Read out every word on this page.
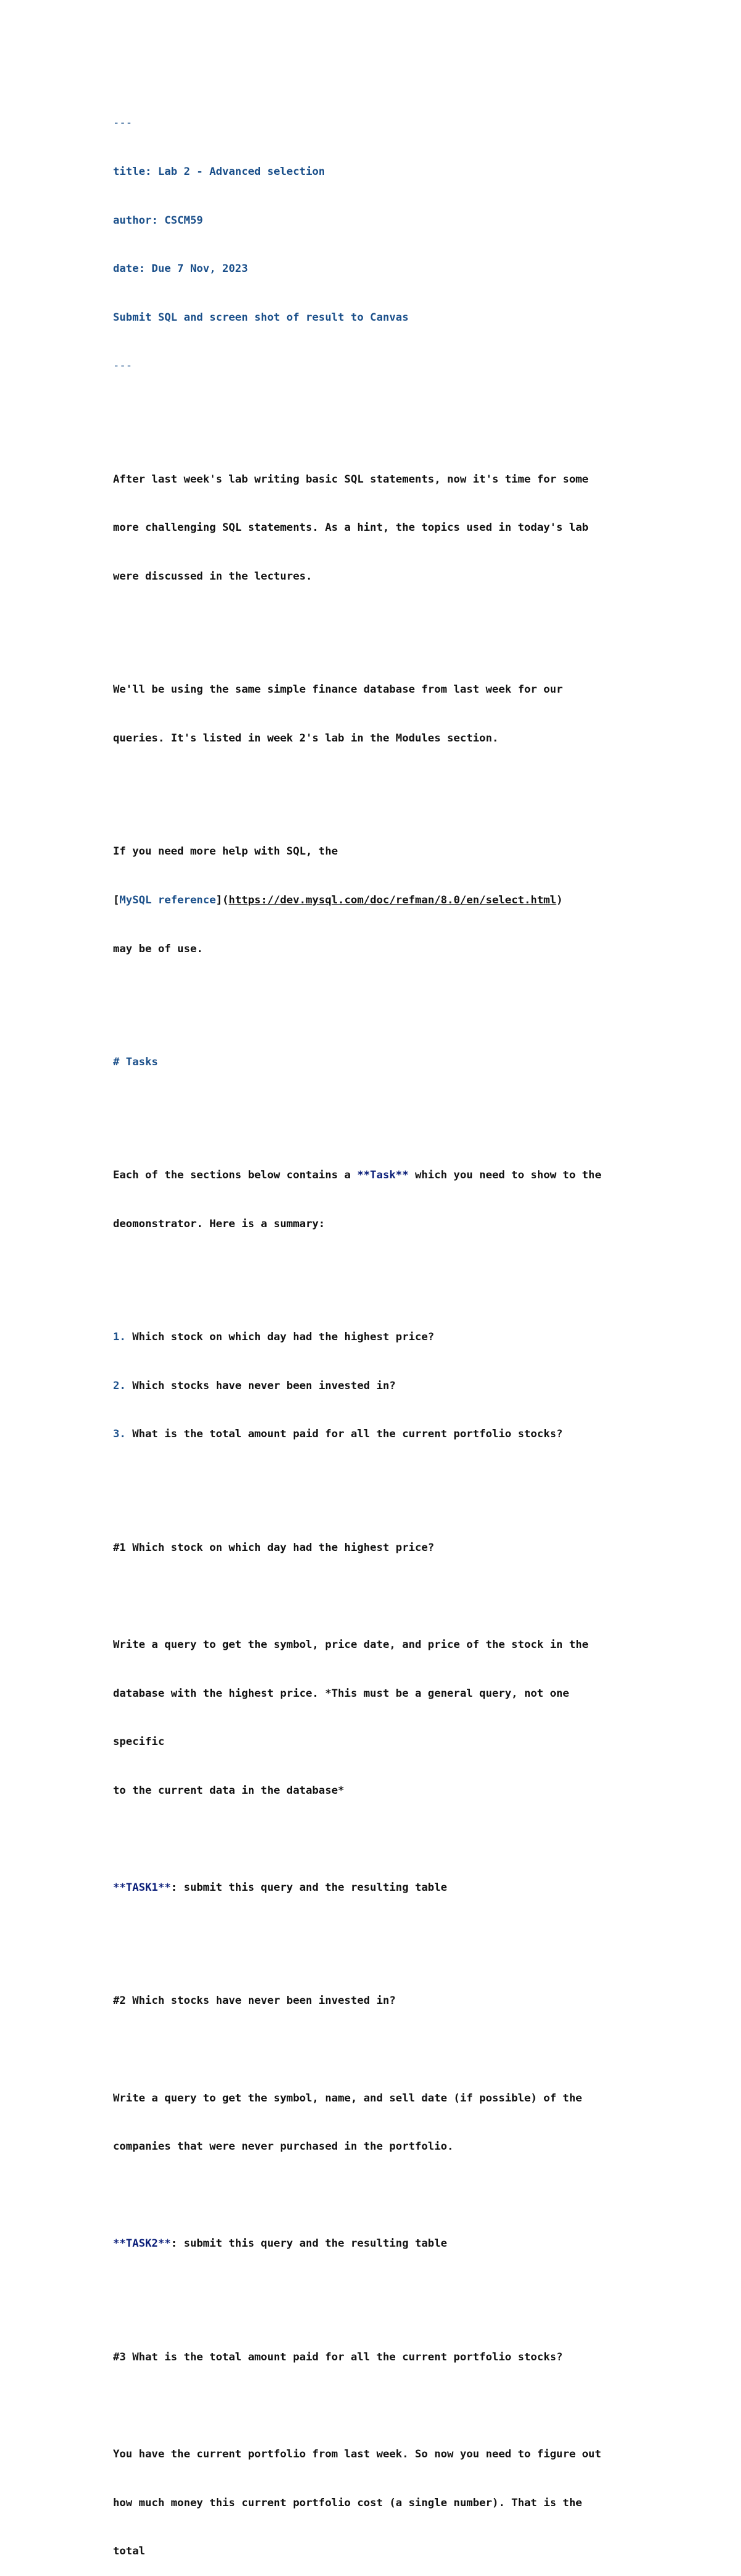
---

title: Lab 2 - Advanced selection

author: CSCM59

date: Due 7 Nov, 2023

Submit SQL and screen shot of result to Canvas

---

After last week's lab writing basic SQL statements, now it's time for some

more challenging SQL statements. As a hint, the topics used in today's lab

were discussed in the lectures.

We'll be using the same simple finance database from last week for our

queries. It's listed in week 2's lab in the Modules section.

If you need more help with SQL, the

[MySQL reference](https://dev.mysql.com/doc/refman/8.0/en/select.html)

may be of use.

# Tasks

Each of the sections below contains a **Task** which you need to show to the

deomonstrator. Here is a summary:

1. Which stock on which day had the highest price?

2. Which stocks have never been invested in?

3. What is the total amount paid for all the current portfolio stocks?

#1 Which stock on which day had the highest price?

Write a query to get the symbol, price date, and price of the stock in the

database with the highest price. *This must be a general query, not one

specific

to the current data in the database*

**TASK1**: submit this query and the resulting table

#2 Which stocks have never been invested in?

Write a query to get the symbol, name, and sell date (if possible) of the

companies that were never purchased in the portfolio.

**TASK2**: submit this query and the resulting table

#3 What is the total amount paid for all the current portfolio stocks?

You have the current portfolio from last week. So now you need to figure out

how much money this current portfolio cost (a single number). That is the

total
